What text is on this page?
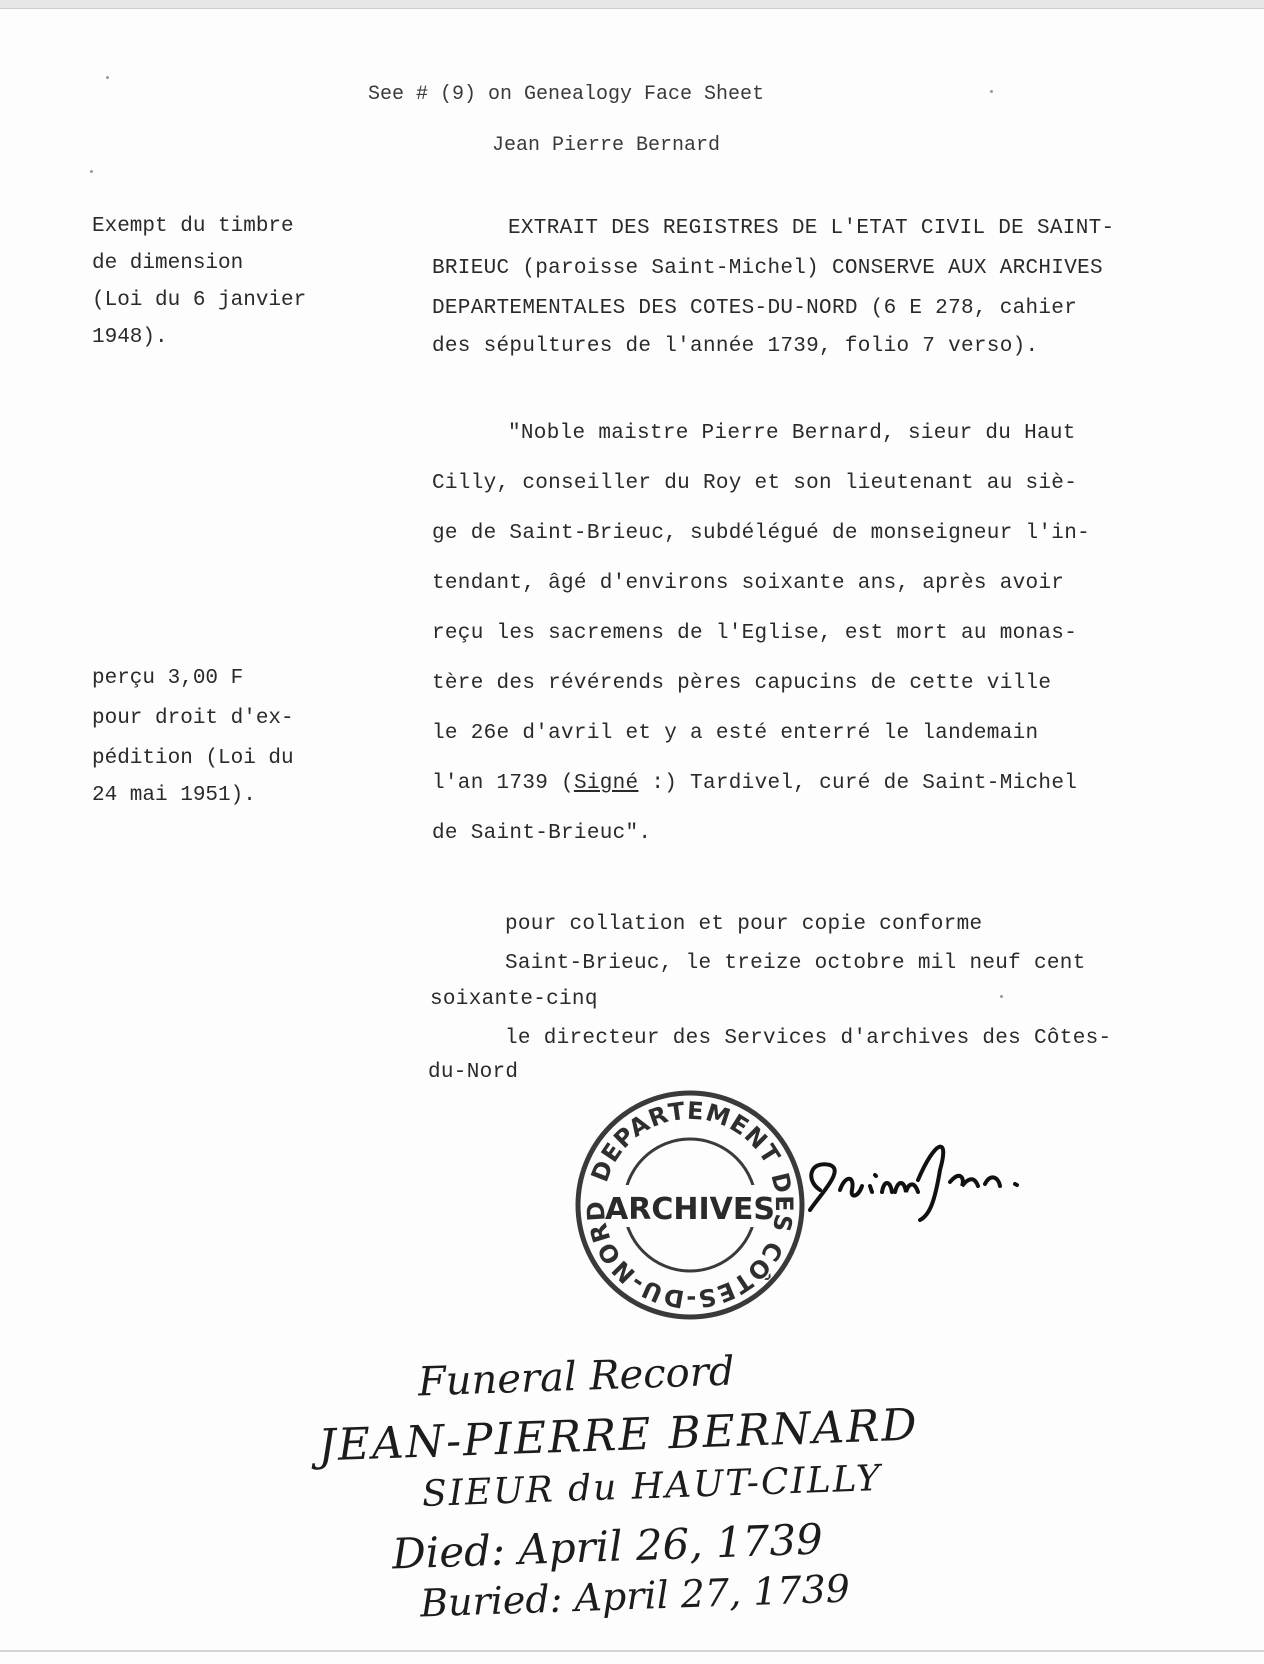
See # (9) on Genealogy Face Sheet
Jean Pierre Bernard
Exempt du timbre
de dimension
(Loi du 6 janvier
1948).
EXTRAIT DES REGISTRES DE L'ETAT CIVIL DE SAINT-
BRIEUC (paroisse Saint-Michel) CONSERVE AUX ARCHIVES
DEPARTEMENTALES DES COTES-DU-NORD (6 E 278, cahier
des sépultures de l'année 1739, folio 7 verso).
"Noble maistre Pierre Bernard, sieur du Haut
Cilly, conseiller du Roy et son lieutenant au siè-
ge de Saint-Brieuc, subdélégué de monseigneur l'in-
tendant, âgé d'environs soixante ans, après avoir
reçu les sacremens de l'Eglise, est mort au monas-
tère des révérends pères capucins de cette ville
le 26e d'avril et y a esté enterré le landemain
l'an 1739 (Signé :) Tardivel, curé de Saint-Michel
de Saint-Brieuc".
perçu 3,00 F
pour droit d'ex-
pédition (Loi du
24 mai 1951).
pour collation et pour copie conforme
Saint-Brieuc, le treize octobre mil neuf cent
soixante-cinq
le directeur des Services d'archives des Côtes-
du-Nord
DEPARTEMENT DES CÔTES-DU-NORD
ARCHIVES
Funeral Record
JEAN-PIERRE BERNARD
SIEUR du HAUT-CILLY
Died: April 26, 1739
Buried: April 27, 1739
